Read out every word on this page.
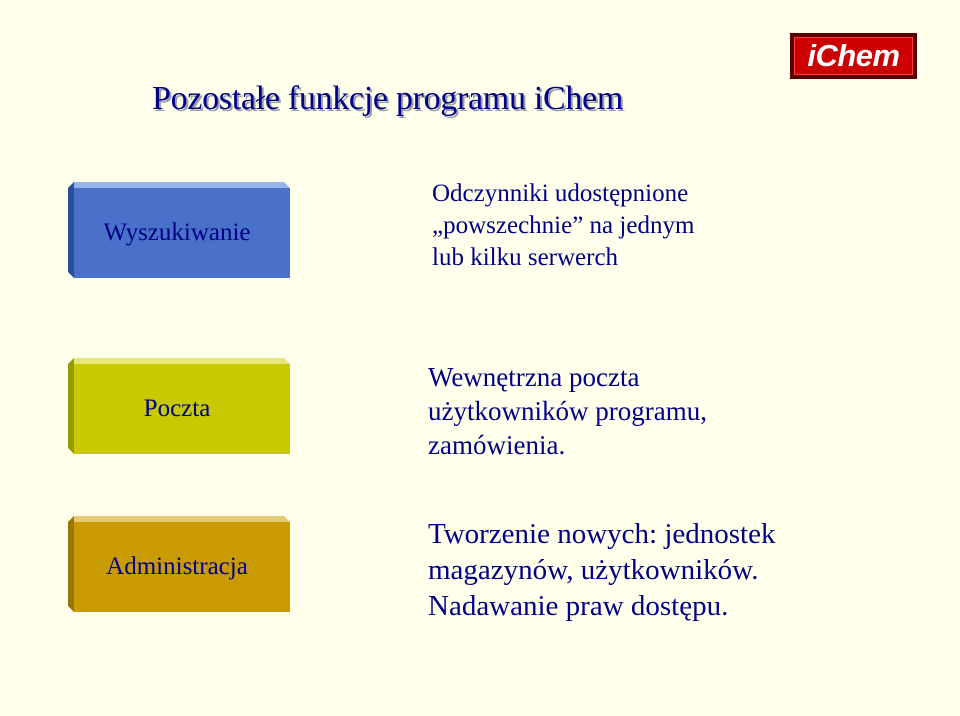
Pozostałe funkcje programu iChem
iChem
Wyszukiwanie
Odczynniki udostępnione
„powszechnie” na jednym
lub kilku serwerch
Poczta
Wewnętrzna poczta
użytkowników programu,
zamówienia.
Administracja
Tworzenie nowych: jednostek
magazynów, użytkowników.
Nadawanie praw dostępu.
